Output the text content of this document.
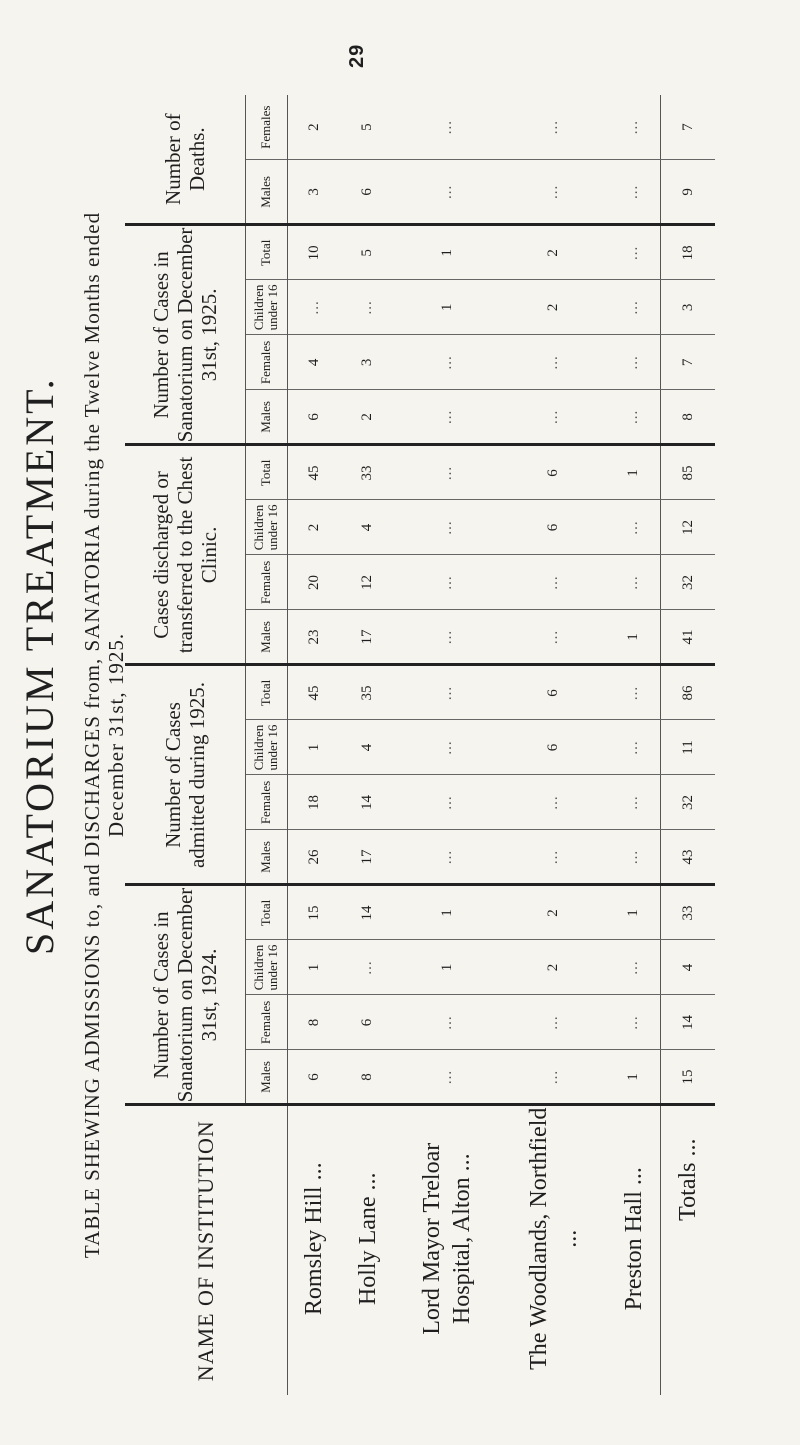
29
SANATORIUM TREATMENT. TABLE SHEWING ADMISSIONS to, and DISCHARGES from, SANATORIA during the Twelve Months ended December 31st, 1925.
NAME OF INSTITUTION	Number of Cases in Sanatorium on December 31st, 1924.				Number of Cases admitted during 1925.				Cases discharged or transferred to the Chest Clinic.				Number of Cases in Sanatorium on December 31st, 1925.				Number of Deaths.	
	Males	Females	Children under 16	Total	Males	Females	Children under 16	Total	Males	Females	Children under 16	Total	Males	Females	Children under 16	Total	Males	Females
Romsley Hill ...	6	8	1	15	26	18	1	45	23	20	2	45	6	4	...	10	3	2
Holly Lane ...	8	6	...	14	17	14	4	35	17	12	4	33	2	3	...	5	6	5
Lord Mayor Treloar Hospital, Alton ...	...	...	1	1	...	...	...	...	...	...	...	...	...	...	1	1	...	...
The Woodlands, Northfield ...	...	...	2	2	...	...	6	6	...	...	6	6	...	...	2	2	...	...
Preston Hall ...	1	...	...	1	...	...	...	...	1	...	...	1	...	...	...	...	...	...
Totals ...	15	14	4	33	43	32	11	86	41	32	12	85	8	7	3	18	9	7
